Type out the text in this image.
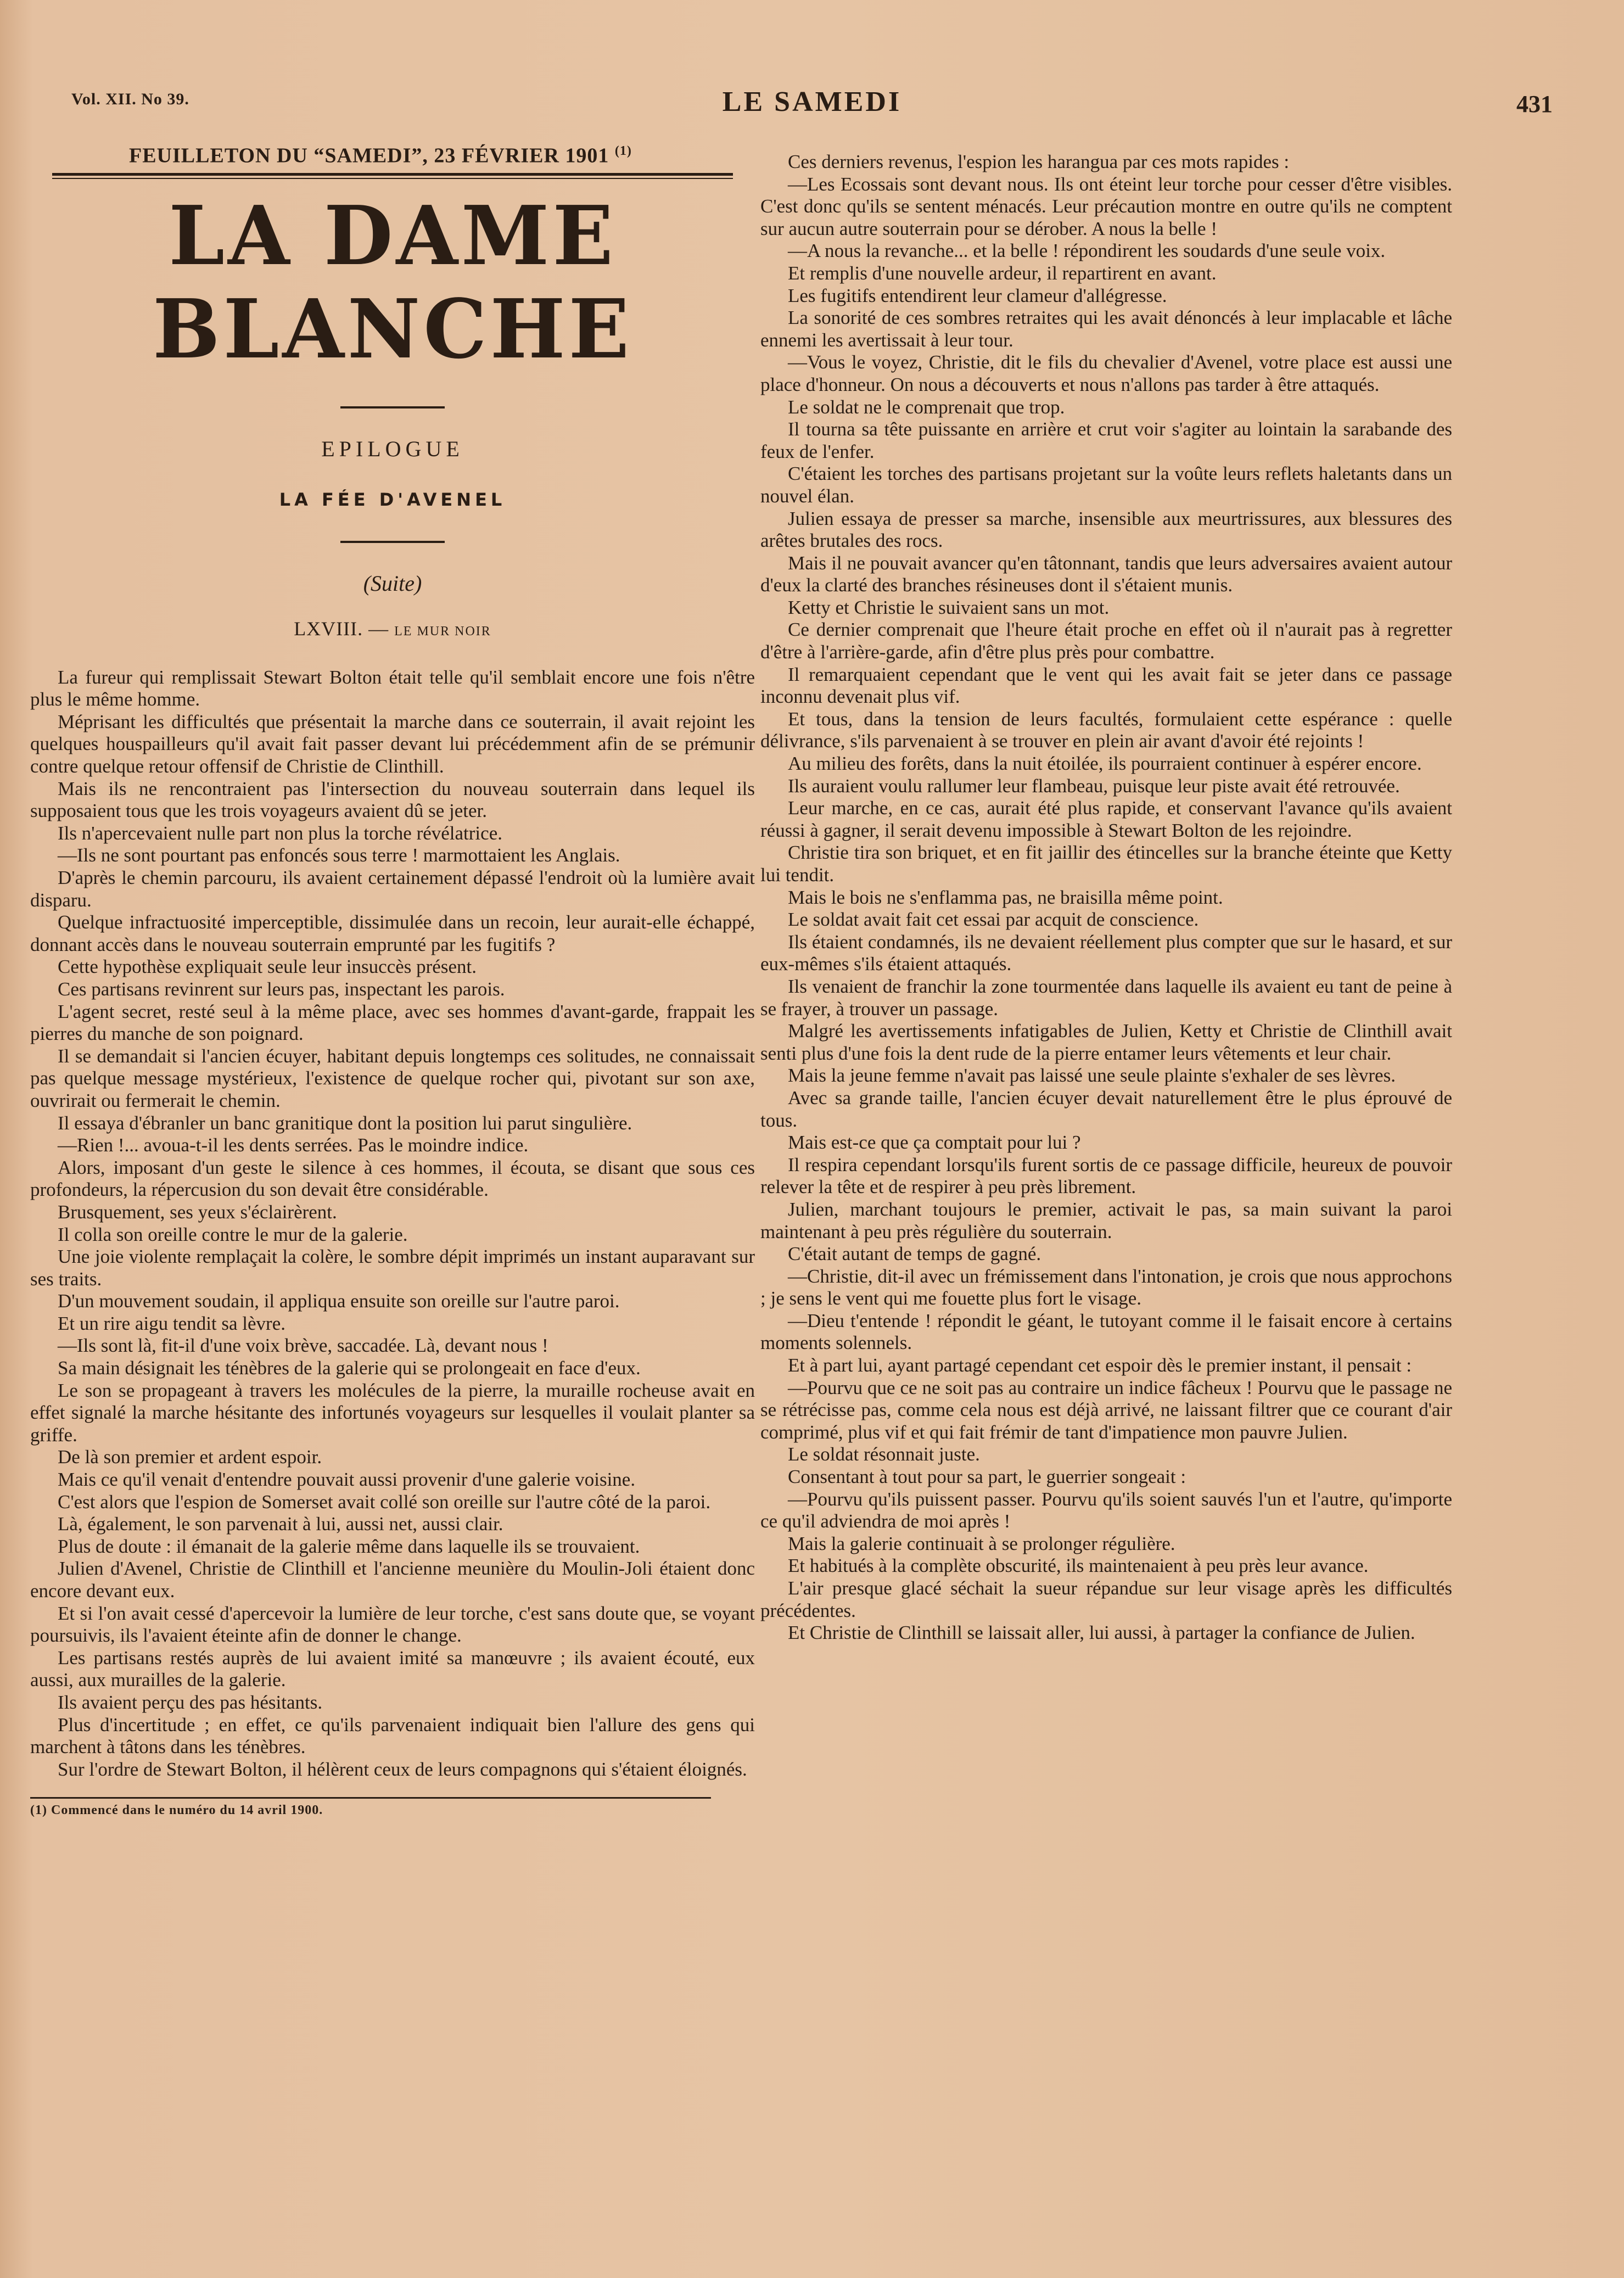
Vol. XII. No 39.	LE SAMEDI	431
FEUILLETON DU “SAMEDI”, 23 FÉVRIER 1901 $^{(1)}$
LA DAME BLANCHE
EPILOGUE
LA FÉE D'AVENEL
(Suite)
LXVIII. — LE MUR NOIR

La fureur qui remplissait Stewart Bolton était telle qu'il semblait encore une fois n'être plus le même homme.

Méprisant les difficultés que présentait la marche dans ce souterrain, il avait rejoint les quelques houspailleurs qu'il avait fait passer devant lui précédemment afin de se prémunir contre quelque retour offensif de Christie de Clinthill.

Mais ils ne rencontraient pas l'intersection du nouveau souterrain dans lequel ils supposaient tous que les trois voyageurs avaient dû se jeter.

Ils n'apercevaient nulle part non plus la torche révélatrice.

—Ils ne sont pourtant pas enfoncés sous terre ! marmottaient les Anglais.

D'après le chemin parcouru, ils avaient certainement dépassé l'endroit où la lumière avait disparu.

Quelque infractuosité imperceptible, dissimulée dans un recoin, leur aurait-elle échappé, donnant accès dans le nouveau souterrain emprunté par les fugitifs ?

Cette hypothèse expliquait seule leur insuccès présent.

Ces partisans revinrent sur leurs pas, inspectant les parois.

L'agent secret, resté seul à la même place, avec ses hommes d'avant-garde, frappait les pierres du manche de son poignard.

Il se demandait si l'ancien écuyer, habitant depuis longtemps ces solitudes, ne connaissait pas quelque message mystérieux, l'existence de quelque rocher qui, pivotant sur son axe, ouvrirait ou fermerait le chemin.

Il essaya d'ébranler un banc granitique dont la position lui parut singulière.

—Rien !... avoua-t-il les dents serrées. Pas le moindre indice.

Alors, imposant d'un geste le silence à ces hommes, il écouta, se disant que sous ces profondeurs, la répercusion du son devait être considérable.

Brusquement, ses yeux s'éclairèrent.

Il colla son oreille contre le mur de la galerie.

Une joie violente remplaçait la colère, le sombre dépit imprimés un instant auparavant sur ses traits.

D'un mouvement soudain, il appliqua ensuite son oreille sur l'autre paroi.

Et un rire aigu tendit sa lèvre.

—Ils sont là, fit-il d'une voix brève, saccadée. Là, devant nous !

Sa main désignait les ténèbres de la galerie qui se prolongeait en face d'eux.

Le son se propageant à travers les molécules de la pierre, la muraille rocheuse avait en effet signalé la marche hésitante des infortunés voyageurs sur lesquelles il voulait planter sa griffe.

De là son premier et ardent espoir.

Mais ce qu'il venait d'entendre pouvait aussi provenir d'une galerie voisine.

C'est alors que l'espion de Somerset avait collé son oreille sur l'autre côté de la paroi.

Là, également, le son parvenait à lui, aussi net, aussi clair.

Plus de doute : il émanait de la galerie même dans laquelle ils se trouvaient.

Julien d'Avenel, Christie de Clinthill et l'ancienne meunière du Moulin-Joli étaient donc encore devant eux.

Et si l'on avait cessé d'apercevoir la lumière de leur torche, c'est sans doute que, se voyant poursuivis, ils l'avaient éteinte afin de donner le change.

Les partisans restés auprès de lui avaient imité sa manœuvre ; ils avaient écouté, eux aussi, aux murailles de la galerie.

Ils avaient perçu des pas hésitants.

Plus d'incertitude ; en effet, ce qu'ils parvenaient indiquait bien l'allure des gens qui marchent à tâtons dans les ténèbres.

Sur l'ordre de Stewart Bolton, il hélèrent ceux de leurs compagnons qui s'étaient éloignés.

(1) Commencé dans le numéro du 14 avril 1900.

Ces derniers revenus, l'espion les harangua par ces mots rapides :

—Les Ecossais sont devant nous. Ils ont éteint leur torche pour cesser d'être visibles. C'est donc qu'ils se sentent ménacés. Leur précaution montre en outre qu'ils ne comptent sur aucun autre souterrain pour se dérober. A nous la belle !

—A nous la revanche... et la belle ! répondirent les soudards d'une seule voix.

Et remplis d'une nouvelle ardeur, il repartirent en avant.

Les fugitifs entendirent leur clameur d'allégresse.

La sonorité de ces sombres retraites qui les avait dénoncés à leur implacable et lâche ennemi les avertissait à leur tour.

—Vous le voyez, Christie, dit le fils du chevalier d'Avenel, votre place est aussi une place d'honneur. On nous a découverts et nous n'allons pas tarder à être attaqués.

Le soldat ne le comprenait que trop.

Il tourna sa tête puissante en arrière et crut voir s'agiter au lointain la sarabande des feux de l'enfer.

C'étaient les torches des partisans projetant sur la voûte leurs reflets haletants dans un nouvel élan.

Julien essaya de presser sa marche, insensible aux meurtrissures, aux blessures des arêtes brutales des rocs.

Mais il ne pouvait avancer qu'en tâtonnant, tandis que leurs adversaires avaient autour d'eux la clarté des branches résineuses dont il s'étaient munis.

Ketty et Christie le suivaient sans un mot.

Ce dernier comprenait que l'heure était proche en effet où il n'aurait pas à regretter d'être à l'arrière-garde, afin d'être plus près pour combattre.

Il remarquaient cependant que le vent qui les avait fait se jeter dans ce passage inconnu devenait plus vif.

Et tous, dans la tension de leurs facultés, formulaient cette espérance : quelle délivrance, s'ils parvenaient à se trouver en plein air avant d'avoir été rejoints !

Au milieu des forêts, dans la nuit étoilée, ils pourraient continuer à espérer encore.

Ils auraient voulu rallumer leur flambeau, puisque leur piste avait été retrouvée.

Leur marche, en ce cas, aurait été plus rapide, et conservant l'avance qu'ils avaient réussi à gagner, il serait devenu impossible à Stewart Bolton de les rejoindre.

Christie tira son briquet, et en fit jaillir des étincelles sur la branche éteinte que Ketty lui tendit.

Mais le bois ne s'enflamma pas, ne braisilla même point.

Le soldat avait fait cet essai par acquit de conscience.

Ils étaient condamnés, ils ne devaient réellement plus compter que sur le hasard, et sur eux-mêmes s'ils étaient attaqués.

Ils venaient de franchir la zone tourmentée dans laquelle ils avaient eu tant de peine à se frayer, à trouver un passage.

Malgré les avertissements infatigables de Julien, Ketty et Christie de Clinthill avait senti plus d'une fois la dent rude de la pierre entamer leurs vêtements et leur chair.

Mais la jeune femme n'avait pas laissé une seule plainte s'exhaler de ses lèvres.

Avec sa grande taille, l'ancien écuyer devait naturellement être le plus éprouvé de tous.

Mais est-ce que ça comptait pour lui ?

Il respira cependant lorsqu'ils furent sortis de ce passage difficile, heureux de pouvoir relever la tête et de respirer à peu près librement.

Julien, marchant toujours le premier, activait le pas, sa main suivant la paroi maintenant à peu près régulière du souterrain.

C'était autant de temps de gagné.

—Christie, dit-il avec un frémissement dans l'intonation, je crois que nous approchons ; je sens le vent qui me fouette plus fort le visage.

—Dieu t'entende ! répondit le géant, le tutoyant comme il le faisait encore à certains moments solennels.

Et à part lui, ayant partagé cependant cet espoir dès le premier instant, il pensait :

—Pourvu que ce ne soit pas au contraire un indice fâcheux ! Pourvu que le passage ne se rétrécisse pas, comme cela nous est déjà arrivé, ne laissant filtrer que ce courant d'air comprimé, plus vif et qui fait frémir de tant d'impatience mon pauvre Julien.

Le soldat résonnait juste.

Consentant à tout pour sa part, le guerrier songeait :

—Pourvu qu'ils puissent passer. Pourvu qu'ils soient sauvés l'un et l'autre, qu'importe ce qu'il adviendra de moi après !

Mais la galerie continuait à se prolonger régulière.

Et habitués à la complète obscurité, ils maintenaient à peu près leur avance.

L'air presque glacé séchait la sueur répandue sur leur visage après les difficultés précédentes.

Et Christie de Clinthill se laissait aller, lui aussi, à partager la confiance de Julien.
